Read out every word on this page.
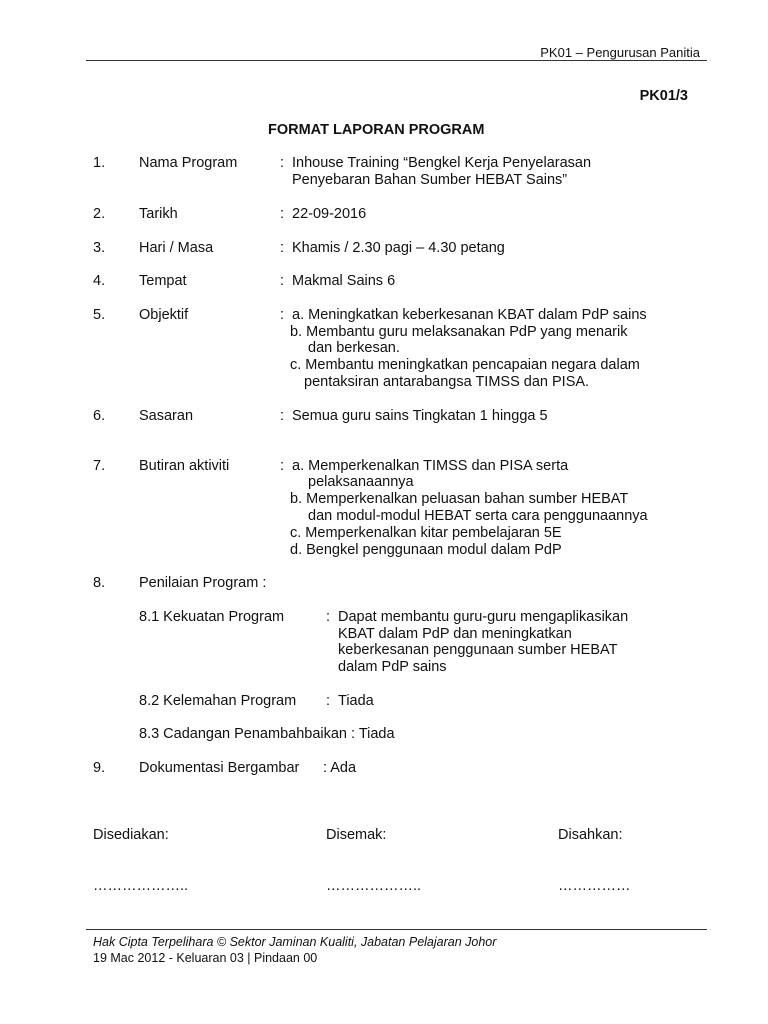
PK01 – Pengurusan Panitia
PK01/3
FORMAT LAPORAN PROGRAM
1. Nama Program	: Inhouse Training “Bengkel Kerja Penyelarasan
Penyebaran Bahan Sumber HEBAT Sains”
2. Tarikh	: 22-09-2016
3. Hari / Masa	: Khamis / 2.30 pagi – 4.30 petang
4. Tempat	: Makmal Sains 6
5. Objektif	: a. Meningkatkan keberkesanan KBAT dalam PdP sains
b. Membantu guru melaksanakan PdP yang menarik
dan berkesan.
c. Membantu meningkatkan pencapaian negara dalam
pentaksiran antarabangsa TIMSS dan PISA.
6. Sasaran	: Semua guru sains Tingkatan 1 hingga 5
7. Butiran aktiviti	: a. Memperkenalkan TIMSS dan PISA serta
pelaksanaannya
b. Memperkenalkan peluasan bahan sumber HEBAT
dan modul-modul HEBAT serta cara penggunaannya
c. Memperkenalkan kitar pembelajaran 5E
d. Bengkel penggunaan modul dalam PdP
8. Penilaian Program :
8.1 Kekuatan Program	: Dapat membantu guru-guru mengaplikasikan
KBAT dalam PdP dan meningkatkan
keberkesanan penggunaan sumber HEBAT
dalam PdP sains
8.2 Kelemahan Program : Tiada
8.3 Cadangan Penambahbaikan : Tiada
9. Dokumentasi Bergambar : Ada
Disediakan:	Disemak:	Disahkan:
………………..	………………..	……………
Hak Cipta Terpelihara © Sektor Jaminan Kualiti, Jabatan Pelajaran Johor
19 Mac 2012 - Keluaran 03 | Pindaan 00
